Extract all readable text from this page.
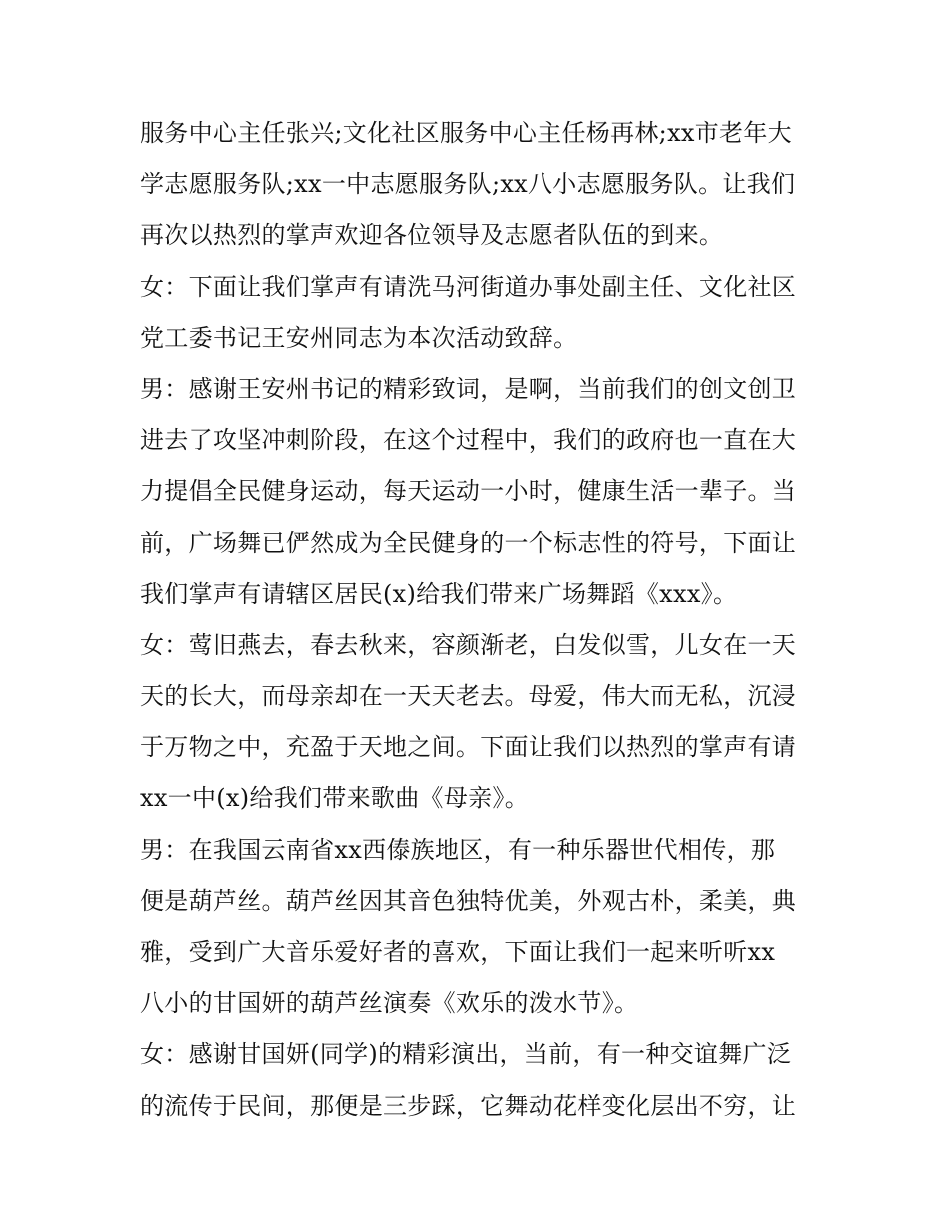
服务中心主任张兴;文化社区服务中心主任杨再林;xx市老年大
学志愿服务队;xx一中志愿服务队;xx八小志愿服务队。让我们
再次以热烈的掌声欢迎各位领导及志愿者队伍的到来。
女：下面让我们掌声有请洗马河街道办事处副主任、文化社区
党工委书记王安州同志为本次活动致辞。
男：感谢王安州书记的精彩致词，是啊，当前我们的创文创卫
进去了攻坚冲刺阶段，在这个过程中，我们的政府也一直在大
力提倡全民健身运动，每天运动一小时，健康生活一辈子。当
前，广场舞已俨然成为全民健身的一个标志性的符号，下面让
我们掌声有请辖区居民(x)给我们带来广场舞蹈《xxx》。
女：莺旧燕去，春去秋来，容颜渐老，白发似雪，儿女在一天
天的长大，而母亲却在一天天老去。母爱，伟大而无私，沉浸
于万物之中，充盈于天地之间。下面让我们以热烈的掌声有请
xx一中(x)给我们带来歌曲《母亲》。
男：在我国云南省xx西傣族地区，有一种乐器世代相传，那
便是葫芦丝。葫芦丝因其音色独特优美，外观古朴，柔美，典
雅，受到广大音乐爱好者的喜欢，下面让我们一起来听听xx
八小的甘国妍的葫芦丝演奏《欢乐的泼水节》。
女：感谢甘国妍(同学)的精彩演出，当前，有一种交谊舞广泛
的流传于民间，那便是三步踩，它舞动花样变化层出不穷，让
